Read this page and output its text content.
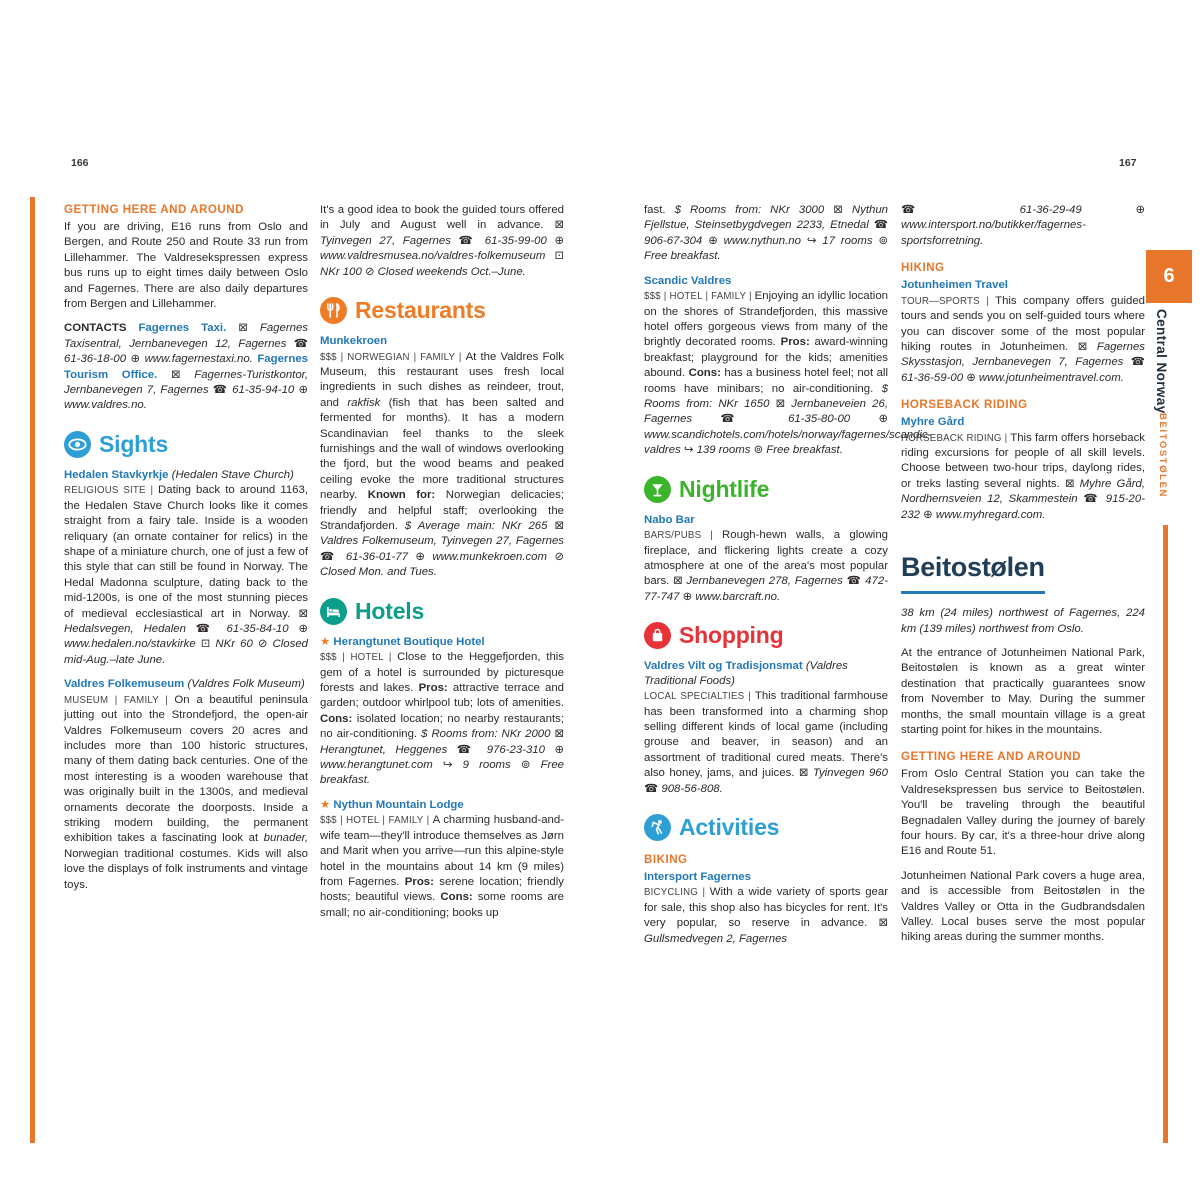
166	167
6
Central Norway
BEITOSTØLEN
GETTING HERE AND AROUND

If you are driving, E16 runs from Oslo and Bergen, and Route 250 and Route 33 run from Lillehammer. The Valdresekspressen express bus runs up to eight times daily between Oslo and Fagernes. There are also daily departures from Bergen and Lillehammer.

CONTACTS Fagernes Taxi. ⊠ Fagernes Taxisentral, Jernbanevegen 12, Fagernes ☎ 61-36-18-00 ⊕ www.fagernestaxi.no. Fagernes Tourism Office. ⊠ Fagernes-Turistkontor, Jernbanevegen 7, Fagernes ☎ 61-35-94-10 ⊕ www.valdres.no.

Sights
Hedalen Stavkyrkje (Hedalen Stave Church)

RELIGIOUS SITE | Dating back to around 1163, the Hedalen Stave Church looks like it comes straight from a fairy tale. Inside is a wooden reliquary (an ornate container for relics) in the shape of a miniature church, one of just a few of this style that can still be found in Norway. The Hedal Madonna sculpture, dating back to the mid-1200s, is one of the most stunning pieces of medieval ecclesiastical art in Norway. ⊠ Hedalsvegen, Hedalen ☎ 61-35-84-10 ⊕ www.hedalen.no/stavkirke ⊡ NKr 60 ⊘ Closed mid-Aug.–late June.

Valdres Folkemuseum (Valdres Folk Museum)

MUSEUM | FAMILY | On a beautiful peninsula jutting out into the Strondefjord, the open-air Valdres Folkemuseum covers 20 acres and includes more than 100 historic structures, many of them dating back centuries. One of the most interesting is a wooden warehouse that was originally built in the 1300s, and medieval ornaments decorate the doorposts. Inside a striking modern building, the permanent exhibition takes a fascinating look at bunader, Norwegian traditional costumes. Kids will also love the displays of folk instruments and vintage toys.

It's a good idea to book the guided tours offered in July and August well in advance. ⊠ Tyinvegen 27, Fagernes ☎ 61-35-99-00 ⊕ www.valdresmusea.no/valdres-folkemuseum ⊡ NKr 100 ⊘ Closed weekends Oct.–June.

Restaurants
Munkekroen

$$$ | NORWEGIAN | FAMILY | At the Valdres Folk Museum, this restaurant uses fresh local ingredients in such dishes as reindeer, trout, and rakfisk (fish that has been salted and fermented for months). It has a modern Scandinavian feel thanks to the sleek furnishings and the wall of windows overlooking the fjord, but the wood beams and peaked ceiling evoke the more traditional structures nearby. Known for: Norwegian delicacies; friendly and helpful staff; overlooking the Strandafjorden. $ Average main: NKr 265 ⊠ Valdres Folkemuseum, Tyinvegen 27, Fagernes ☎ 61-36-01-77 ⊕ www.munkekroen.com ⊘ Closed Mon. and Tues.

Hotels
★ Herangtunet Boutique Hotel

$$$ | HOTEL | Close to the Heggefjorden, this gem of a hotel is surrounded by picturesque forests and lakes. Pros: attractive terrace and garden; outdoor whirlpool tub; lots of amenities. Cons: isolated location; no nearby restaurants; no air-conditioning. $ Rooms from: NKr 2000 ⊠ Herangtunet, Heggenes ☎ 976-23-310 ⊕ www.herangtunet.com ↪ 9 rooms ⊚ Free breakfast.

★ Nythun Mountain Lodge

$$$ | HOTEL | FAMILY | A charming husband-and-wife team—they'll introduce themselves as Jørn and Marit when you arrive—run this alpine-style hotel in the mountains about 14 km (9 miles) from Fagernes. Pros: serene location; friendly hosts; beautiful views. Cons: some rooms are small; no air-conditioning; books up

fast. $ Rooms from: NKr 3000 ⊠ Nythun Fjellstue, Steinsetbygdvegen 2233, Etnedal ☎ 906-67-304 ⊕ www.nythun.no ↪ 17 rooms ⊚ Free breakfast.

Scandic Valdres

$$$ | HOTEL | FAMILY | Enjoying an idyllic location on the shores of Strandefjorden, this massive hotel offers gorgeous views from many of the brightly decorated rooms. Pros: award-winning breakfast; playground for the kids; amenities abound. Cons: has a business hotel feel; not all rooms have minibars; no air-conditioning. $ Rooms from: NKr 1650 ⊠ Jernbaneveien 26, Fagernes ☎ 61-35-80-00 ⊕ www.scandichotels.com/hotels/norway/fagernes/scandic-valdres ↪ 139 rooms ⊚ Free breakfast.

Nightlife
Nabo Bar

BARS/PUBS | Rough-hewn walls, a glowing fireplace, and flickering lights create a cozy atmosphere at one of the area's most popular bars. ⊠ Jernbanevegen 278, Fagernes ☎ 472-77-747 ⊕ www.barcraft.no.

Shopping
Valdres Vilt og Tradisjonsmat (Valdres Traditional Foods)

LOCAL SPECIALTIES | This traditional farmhouse has been transformed into a charming shop selling different kinds of local game (including grouse and beaver, in season) and an assortment of traditional cured meats. There's also honey, jams, and juices. ⊠ Tyinvegen 960 ☎ 908-56-808.

Activities
BIKING
Intersport Fagernes

BICYCLING | With a wide variety of sports gear for sale, this shop also has bicycles for rent. It's very popular, so reserve in advance. ⊠ Gullsmedvegen 2, Fagernes

☎ 61-36-29-49 ⊕ www.intersport.no/butikker/fagernes-sportsforretning.

HIKING
Jotunheimen Travel

TOUR—SPORTS | This company offers guided tours and sends you on self-guided tours where you can discover some of the most popular hiking routes in Jotunheimen. ⊠ Fagernes Skysstasjon, Jernbanevegen 7, Fagernes ☎ 61-36-59-00 ⊕ www.jotunheimentravel.com.

HORSEBACK RIDING
Myhre Gård

HORSEBACK RIDING | This farm offers horseback riding excursions for people of all skill levels. Choose between two-hour trips, daylong rides, or treks lasting several nights. ⊠ Myhre Gård, Nordhernsveien 12, Skammestein ☎ 915-20-232 ⊕ www.myhregard.com.

Beitostølen

38 km (24 miles) northwest of Fagernes, 224 km (139 miles) northwest from Oslo.

At the entrance of Jotunheimen National Park, Beitostølen is known as a great winter destination that practically guarantees snow from November to May. During the summer months, the small mountain village is a great starting point for hikes in the mountains.

GETTING HERE AND AROUND

From Oslo Central Station you can take the Valdresekspressen bus service to Beitostølen. You'll be traveling through the beautiful Begnadalen Valley during the journey of barely four hours. By car, it's a three-hour drive along E16 and Route 51.

Jotunheimen National Park covers a huge area, and is accessible from Beitostølen in the Valdres Valley or Otta in the Gudbrandsdalen Valley. Local buses serve the most popular hiking areas during the summer months.
